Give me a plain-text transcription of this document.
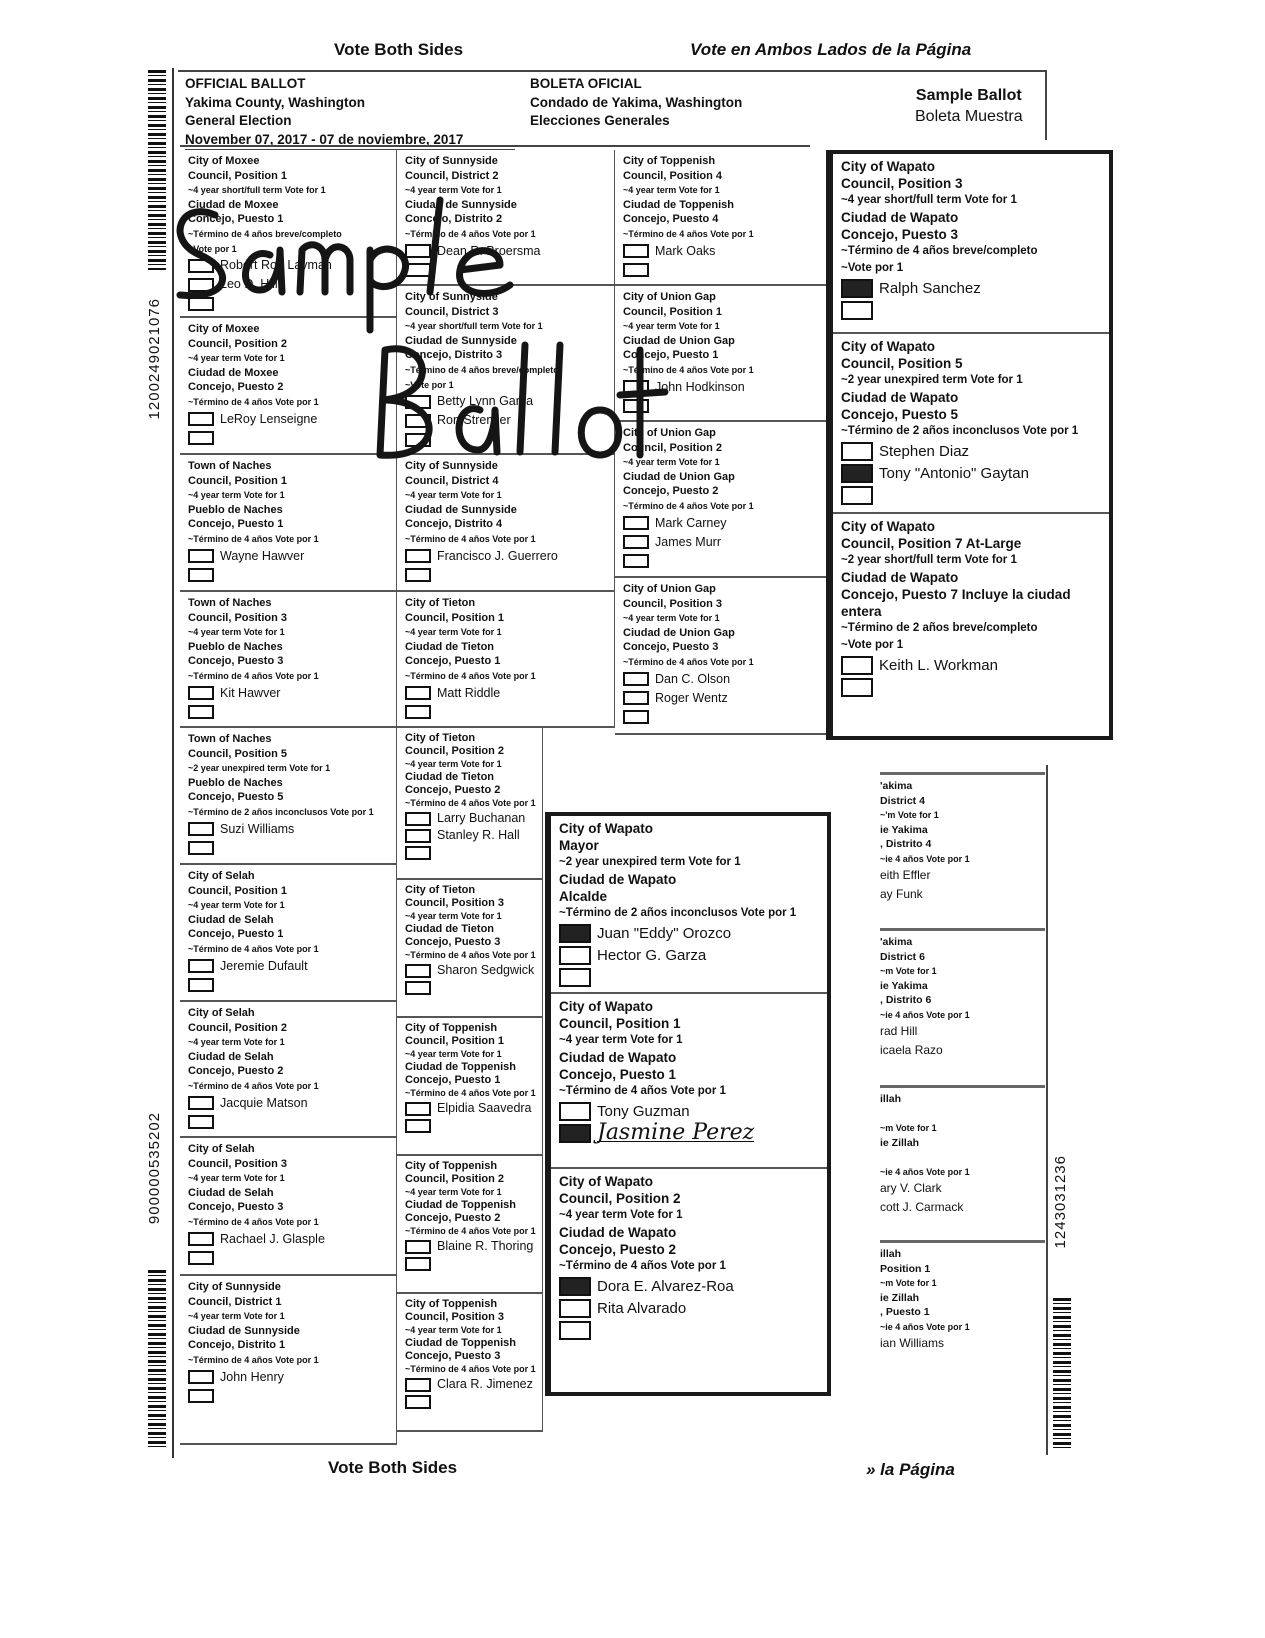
Vote Both Sides	Vote en Ambos Lados de la Página
OFFICIAL BALLOT
Yakima County, Washington
General Election
November 07, 2017 - 07 de noviembre, 2017
BOLETA OFICIAL
Condado de Yakima, Washington
Elecciones Generales
Sample Ballot
Boleta Muestra
City of Moxee
Council, Position 1
~4 year short/full term Vote for 1
Ciudad de Moxee
Concejo, Puesto 1
~Término de 4 años breve/completo
~Vote por 1
Robert Rob Layman
Leo D. Hill
City of Moxee
Council, Position 2
~4 year term Vote for 1
Ciudad de Moxee
Concejo, Puesto 2
~Término de 4 años Vote por 1
LeRoy Lenseigne
Town of Naches
Council, Position 1
~4 year term Vote for 1
Pueblo de Naches
Concejo, Puesto 1
~Término de 4 años Vote por 1
Wayne Hawver
Town of Naches
Council, Position 3
~4 year term Vote for 1
Pueblo de Naches
Concejo, Puesto 3
~Término de 4 años Vote por 1
Kit Hawver
Town of Naches
Council, Position 5
~2 year unexpired term Vote for 1
Pueblo de Naches
Concejo, Puesto 5
~Término de 2 años inconclusos Vote por 1
Suzi Williams
City of Selah
Council, Position 1
~4 year term Vote for 1
Ciudad de Selah
Concejo, Puesto 1
~Término de 4 años Vote por 1
Jeremie Dufault
City of Selah
Council, Position 2
~4 year term Vote for 1
Ciudad de Selah
Concejo, Puesto 2
~Término de 4 años Vote por 1
Jacquie Matson
City of Selah
Council, Position 3
~4 year term Vote for 1
Ciudad de Selah
Concejo, Puesto 3
~Término de 4 años Vote por 1
Rachael J. Glasple
City of Sunnyside
Council, District 1
~4 year term Vote for 1
Ciudad de Sunnyside
Concejo, Distrito 1
~Término de 4 años Vote por 1
John Henry
City of Sunnyside
Council, District 2
~4 year term Vote for 1
Ciudad de Sunnyside
Concejo, Distrito 2
~Término de 4 años Vote por 1
Dean R. Broersma
City of Sunnyside
Council, District 3
~4 year short/full term Vote for 1
Ciudad de Sunnyside
Concejo, Distrito 3
~Término de 4 años breve/completo
~Vote por 1
Betty Lynn Garza
Ron Stremler
City of Sunnyside
Council, District 4
~4 year term Vote for 1
Ciudad de Sunnyside
Concejo, Distrito 4
~Término de 4 años Vote por 1
Francisco J. Guerrero
City of Tieton
Council, Position 1
~4 year term Vote for 1
Ciudad de Tieton
Concejo, Puesto 1
~Término de 4 años Vote por 1
Matt Riddle
City of Tieton
Council, Position 2
~4 year term Vote for 1
Ciudad de Tieton
Concejo, Puesto 2
~Término de 4 años Vote por 1
Larry Buchanan
Stanley R. Hall
City of Tieton
Council, Position 3
~4 year term Vote for 1
Ciudad de Tieton
Concejo, Puesto 3
~Término de 4 años Vote por 1
Sharon Sedgwick
City of Toppenish
Council, Position 1
~4 year term Vote for 1
Ciudad de Toppenish
Concejo, Puesto 1
~Término de 4 años Vote por 1
Elpidia Saavedra
City of Toppenish
Council, Position 2
~4 year term Vote for 1
Ciudad de Toppenish
Concejo, Puesto 2
~Término de 4 años Vote por 1
Blaine R. Thoring
City of Toppenish
Council, Position 3
~4 year term Vote for 1
Ciudad de Toppenish
Concejo, Puesto 3
~Término de 4 años Vote por 1
Clara R. Jimenez
City of Toppenish
Council, Position 4
~4 year term Vote for 1
Ciudad de Toppenish
Concejo, Puesto 4
~Término de 4 años Vote por 1
Mark Oaks
City of Union Gap
Council, Position 1
~4 year term Vote for 1
Ciudad de Union Gap
Concejo, Puesto 1
~Término de 4 años Vote por 1
John Hodkinson
City of Union Gap
Council, Position 2
~4 year term Vote for 1
Ciudad de Union Gap
Concejo, Puesto 2
~Término de 4 años Vote por 1
Mark Carney
James Murr
City of Union Gap
Council, Position 3
~4 year term Vote for 1
Ciudad de Union Gap
Concejo, Puesto 3
~Término de 4 años Vote por 1
Dan C. Olson
Roger Wentz
City of Wapato
Council, Position 3
~4 year short/full term Vote for 1
Ciudad de Wapato
Concejo, Puesto 3
~Término de 4 años breve/completo
~Vote por 1
Ralph Sanchez
City of Wapato
Council, Position 5
~2 year unexpired term Vote for 1
Ciudad de Wapato
Concejo, Puesto 5
~Término de 2 años inconclusos Vote por 1
Stephen Diaz
Tony "Antonio" Gaytan
City of Wapato
Council, Position 7 At-Large
~2 year short/full term Vote for 1
Ciudad de Wapato
Concejo, Puesto 7 Incluye la ciudad
entera
~Término de 2 años breve/completo
~Vote por 1
Keith L. Workman
City of Wapato
Mayor
~2 year unexpired term Vote for 1
Ciudad de Wapato
Alcalde
~Término de 2 años inconclusos Vote por 1
Juan "Eddy" Orozco
Hector G. Garza
City of Wapato
Council, Position 1
~4 year term Vote for 1
Ciudad de Wapato
Concejo, Puesto 1
~Término de 4 años Vote por 1
Tony Guzman
Jasmine Perez
City of Wapato
Council, Position 2
~4 year term Vote for 1
Ciudad de Wapato
Concejo, Puesto 2
~Término de 4 años Vote por 1
Dora E. Alvarez-Roa
Rita Alvarado
'akima
District 4
~'m Vote for 1
ie Yakima
, Distrito 4
~ie 4 años Vote por 1
eith Effler
ay Funk
'akima
District 6
~m Vote for 1
ie Yakima
, Distrito 6
~ie 4 años Vote por 1
rad Hill
icaela Razo
illah

~m Vote for 1
ie Zillah

~ie 4 años Vote por 1
ary V. Clark
cott J. Carmack
illah
Position 1
~m Vote for 1
ie Zillah
, Puesto 1
~ie 4 años Vote por 1
ian Williams
1200249021076
900000535202	1243031236
Vote Both Sides	» la Página
